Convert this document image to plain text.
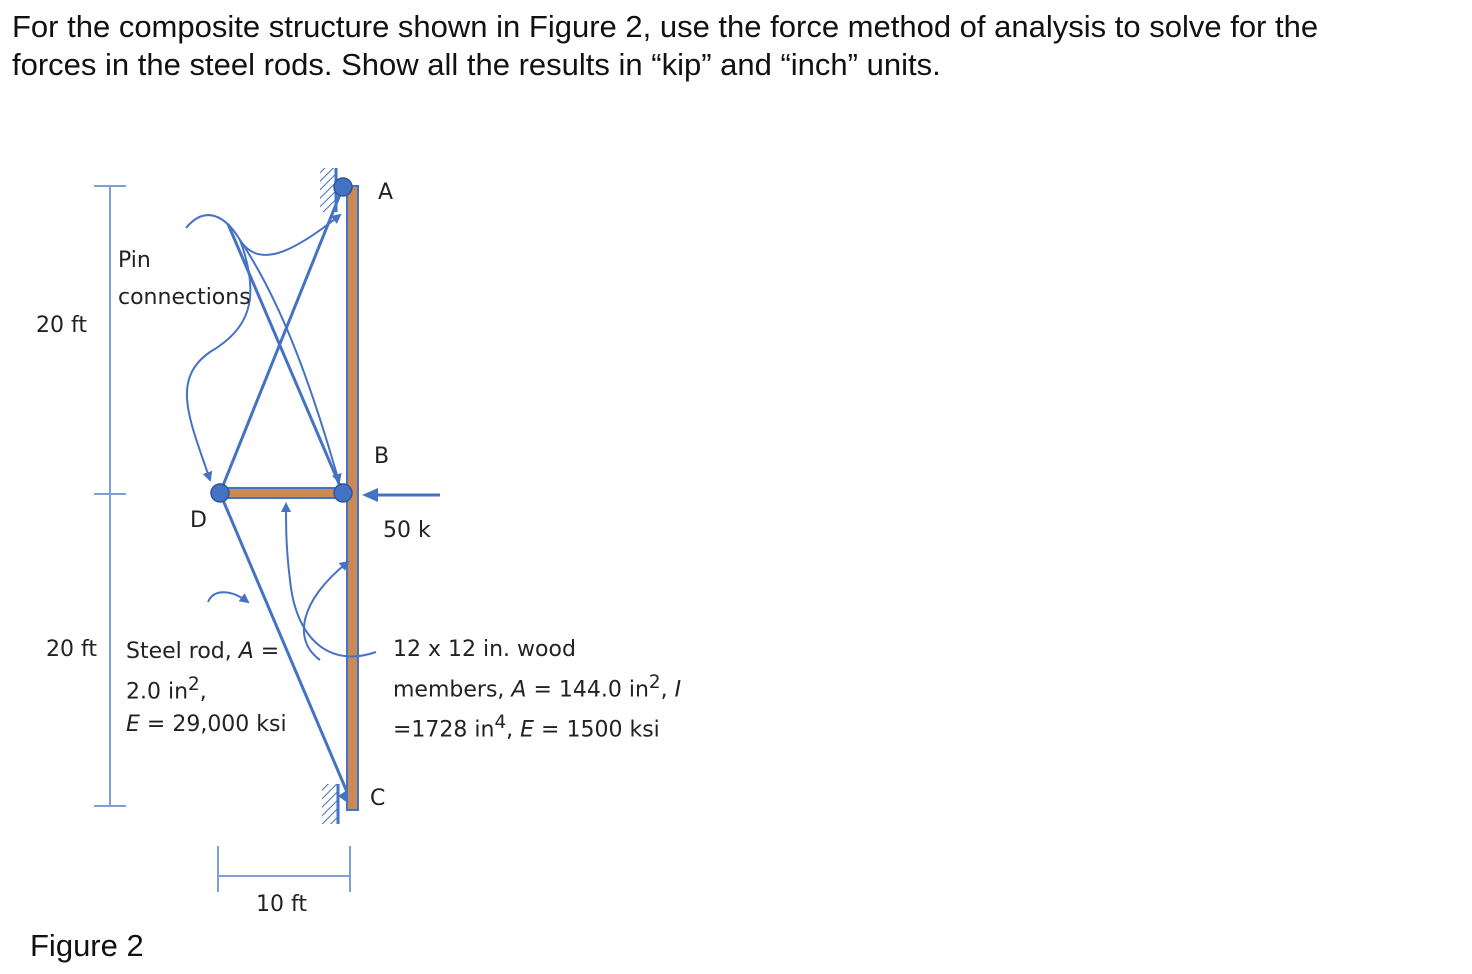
For the composite structure shown in Figure 2, use the force method of analysis to solve for the

forces in the steel rods. Show all the results in “kip” and “inch” units.

A
B
C
D
Pin
connections
20 ft
20 ft
10 ft
50 k
Steel rod, A =
2.0 $in^2$,
E = 29,000 ksi
12 x 12 in. wood
members, A = 144.0 $in^2$, I
=1728 $in^4$, E = 1500 ksi
Figure 2
